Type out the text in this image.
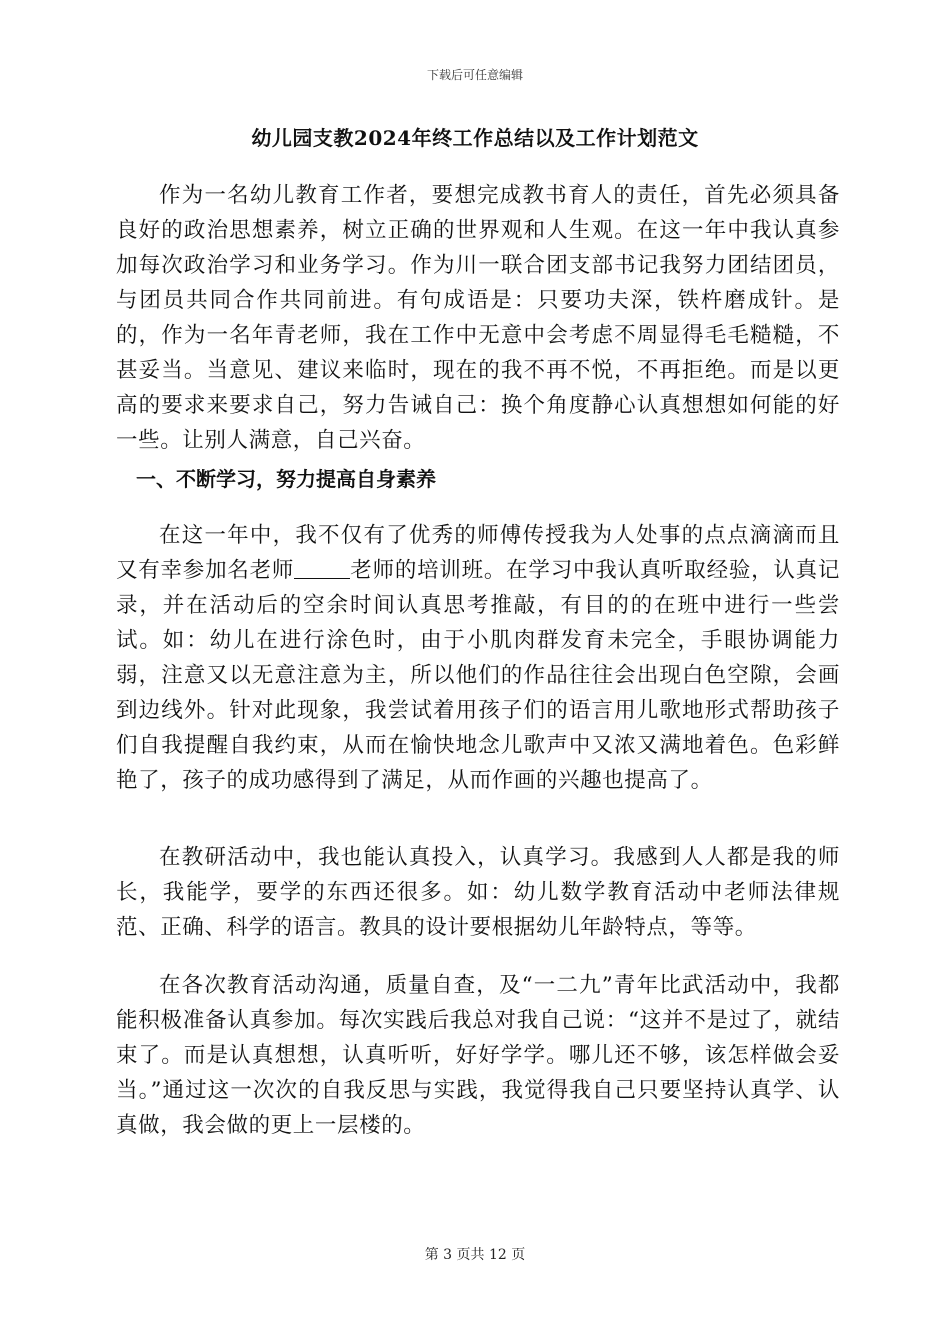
下载后可任意编辑
幼儿园支教2024年终工作总结以及工作计划范文

作为一名幼儿教育工作者，要想完成教书育人的责任，首先必须具备良好的政治思想素养，树立正确的世界观和人生观。在这一年中我认真参加每次政治学习和业务学习。作为川一联合团支部书记我努力团结团员，与团员共同合作共同前进。有句成语是：只要功夫深，铁杵磨成针。是的，作为一名年青老师，我在工作中无意中会考虑不周显得毛毛糙糙，不甚妥当。当意见、建议来临时，现在的我不再不悦，不再拒绝。而是以更高的要求来要求自己，努力告诫自己：换个角度静心认真想想如何能的好一些。让别人满意，自己兴奋。

一、不断学习，努力提高自身素养

在这一年中，我不仅有了优秀的师傅传授我为人处事的点点滴滴而且又有幸参加名老师	老师的培训班。在学习中我认真听取经验，认真记录，并在活动后的空余时间认真思考推敲，有目的的在班中进行一些尝试。如：幼儿在进行涂色时，由于小肌肉群发育未完全，手眼协调能力弱，注意又以无意注意为主，所以他们的作品往往会出现白色空隙，会画到边线外。针对此现象，我尝试着用孩子们的语言用儿歌地形式帮助孩子们自我提醒自我约束，从而在愉快地念儿歌声中又浓又满地着色。色彩鲜艳了，孩子的成功感得到了满足，从而作画的兴趣也提高了。

在教研活动中，我也能认真投入，认真学习。我感到人人都是我的师长，我能学，要学的东西还很多。如：幼儿数学教育活动中老师法律规范、正确、科学的语言。教具的设计要根据幼儿年龄特点，等等。

在各次教育活动沟通，质量自查，及“一二九”青年比武活动中，我都能积极准备认真参加。每次实践后我总对我自己说：“这并不是过了，就结束了。而是认真想想，认真听听，好好学学。哪儿还不够，该怎样做会妥当。”通过这一次次的自我反思与实践，我觉得我自己只要坚持认真学、认真做，我会做的更上一层楼的。

第 3 页共 12 页
